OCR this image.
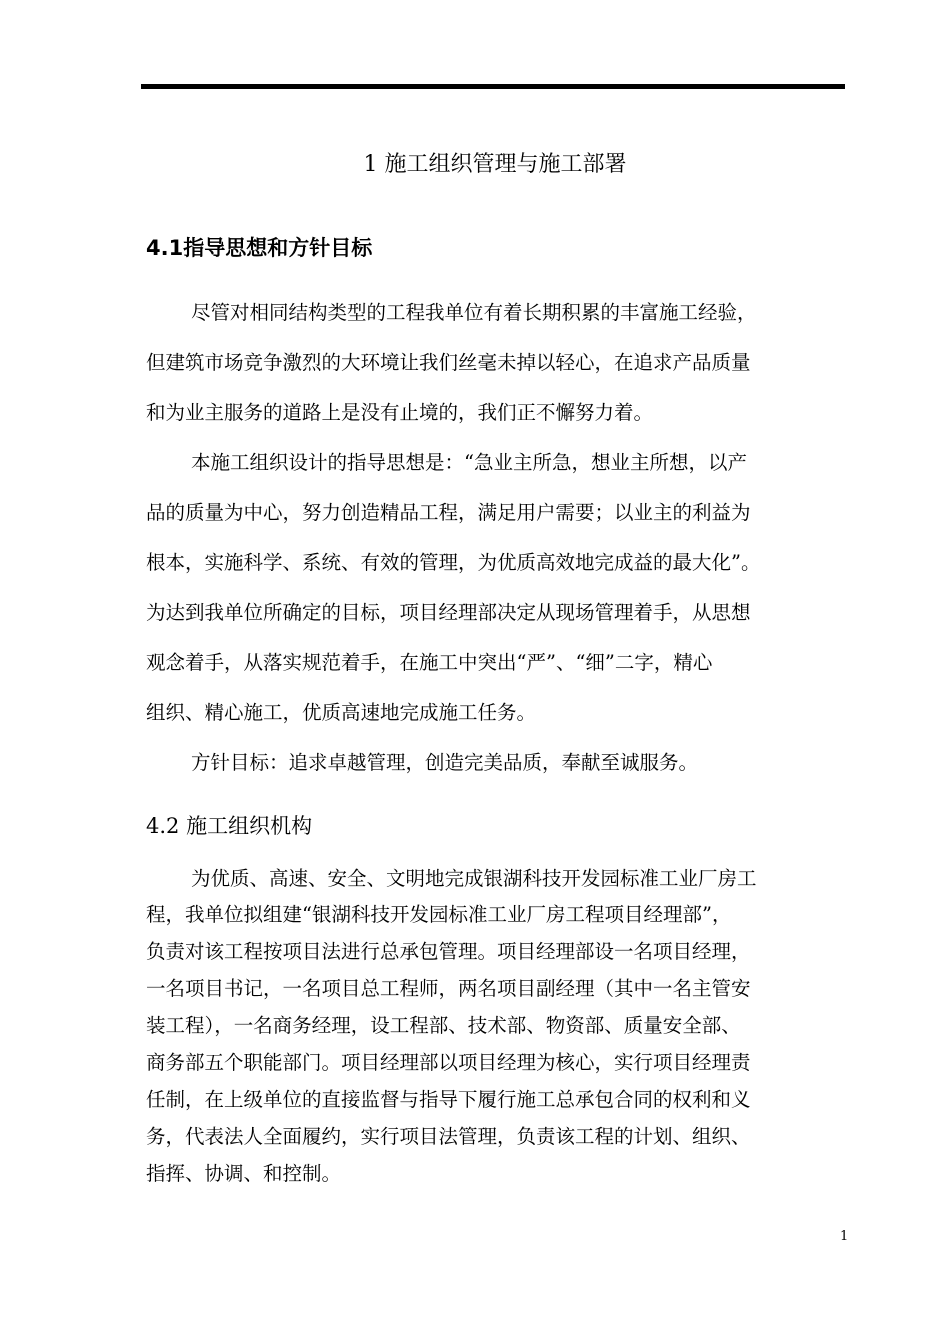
1 施工组织管理与施工部署
4.1指导思想和方针目标
尽管对相同结构类型的工程我单位有着长期积累的丰富施工经验，
但建筑市场竞争激烈的大环境让我们丝毫未掉以轻心，在追求产品质量
和为业主服务的道路上是没有止境的，我们正不懈努力着。
本施工组织设计的指导思想是：“急业主所急，想业主所想，以产
品的质量为中心，努力创造精品工程，满足用户需要；以业主的利益为
根本，实施科学、系统、有效的管理，为优质高效地完成益的最大化”。
为达到我单位所确定的目标，项目经理部决定从现场管理着手，从思想
观念着手，从落实规范着手，在施工中突出“严”、“细”二字，精心
组织、精心施工，优质高速地完成施工任务。
方针目标：追求卓越管理，创造完美品质，奉献至诚服务。
4.2 施工组织机构
为优质、高速、安全、文明地完成银湖科技开发园标准工业厂房工
程，我单位拟组建“银湖科技开发园标准工业厂房工程项目经理部”，
负责对该工程按项目法进行总承包管理。项目经理部设一名项目经理，
一名项目书记，一名项目总工程师，两名项目副经理（其中一名主管安
装工程），一名商务经理，设工程部、技术部、物资部、质量安全部、
商务部五个职能部门。项目经理部以项目经理为核心，实行项目经理责
任制，在上级单位的直接监督与指导下履行施工总承包合同的权利和义
务，代表法人全面履约，实行项目法管理，负责该工程的计划、组织、
指挥、协调、和控制。
1
